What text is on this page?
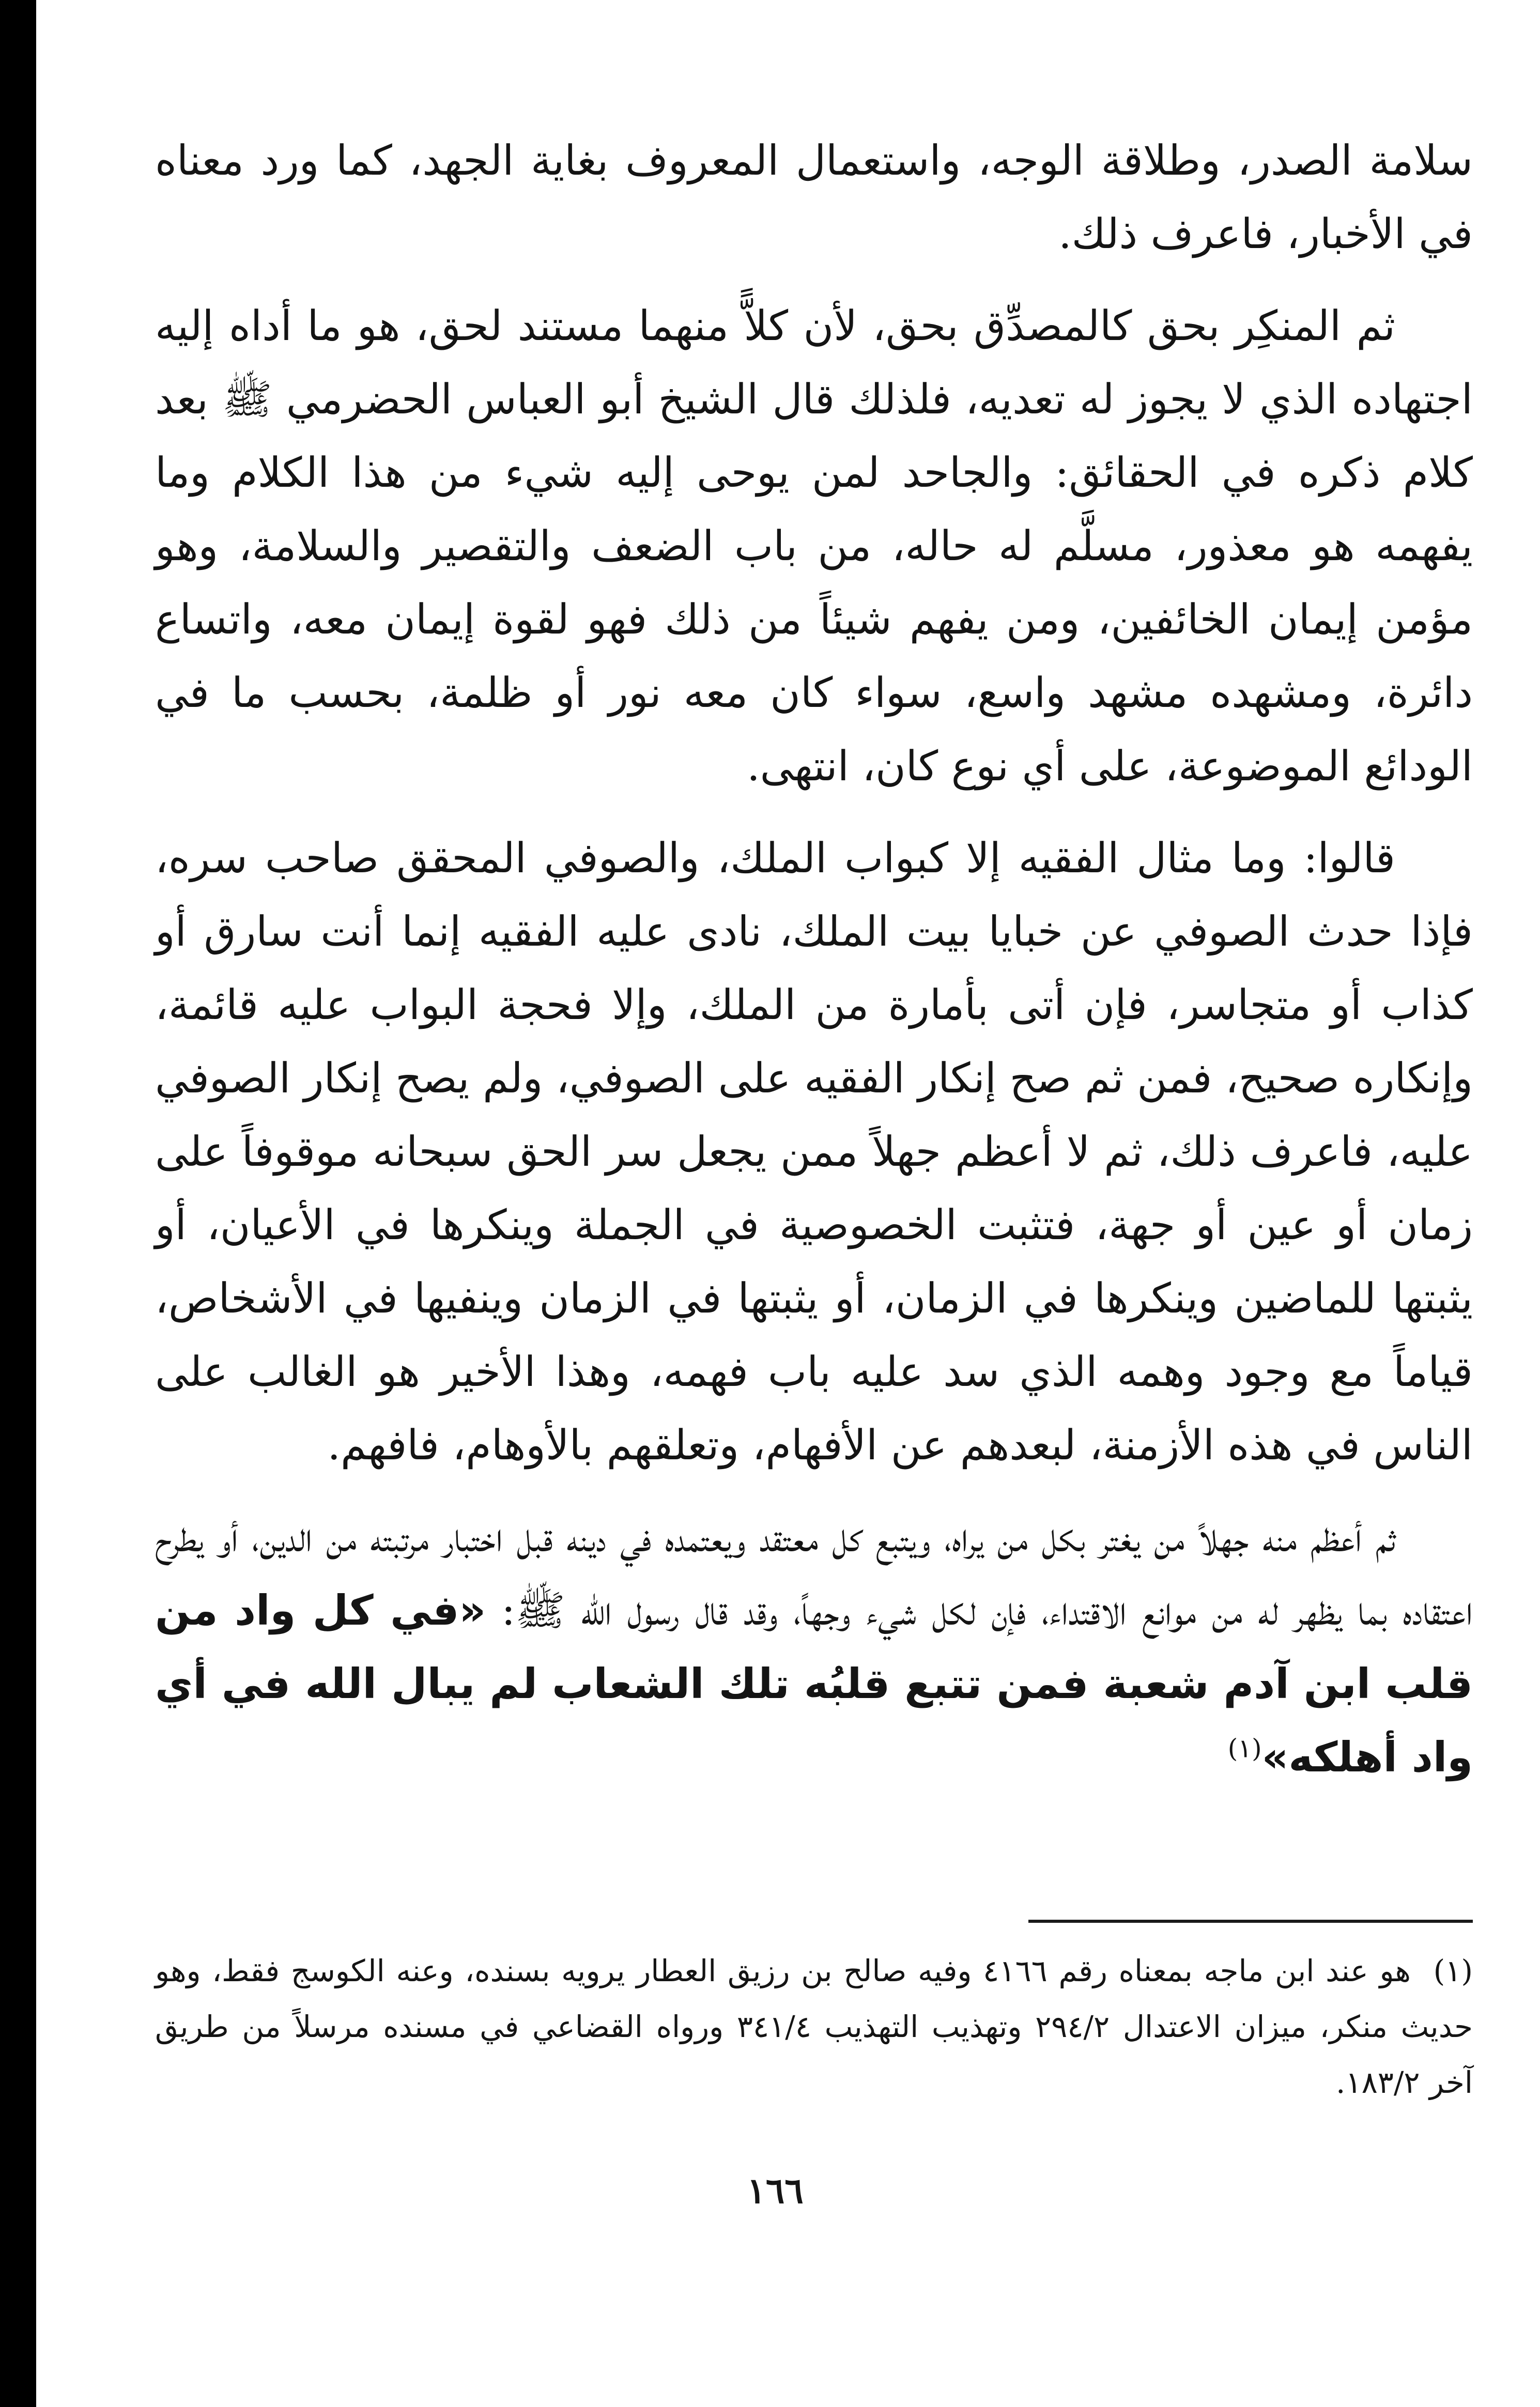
سلامة الصدر، وطلاقة الوجه، واستعمال المعروف بغاية الجهد، كما ورد معناه في الأخبار، فاعرف ذلك.

ثم المنكِر بحق كالمصدِّق بحق، لأن كلاًّ منهما مستند لحق، هو ما أداه إليه اجتهاده الذي لا يجوز له تعديه، فلذلك قال الشيخ أبو العباس الحضرمي ﷺ بعد كلام ذكره في الحقائق: والجاحد لمن يوحى إليه شيء من هذا الكلام وما يفهمه هو معذور، مسلَّم له حاله، من باب الضعف والتقصير والسلامة، وهو مؤمن إيمان الخائفين، ومن يفهم شيئاً من ذلك فهو لقوة إيمان معه، واتساع دائرة، ومشهده مشهد واسع، سواء كان معه نور أو ظلمة، بحسب ما في الودائع الموضوعة، على أي نوع كان، انتهى.

قالوا: وما مثال الفقيه إلا كبواب الملك، والصوفي المحقق صاحب سره، فإذا حدث الصوفي عن خبايا بيت الملك، نادى عليه الفقيه إنما أنت سارق أو كذاب أو متجاسر، فإن أتى بأمارة من الملك، وإلا فحجة البواب عليه قائمة، وإنكاره صحيح، فمن ثم صح إنكار الفقيه على الصوفي، ولم يصح إنكار الصوفي عليه، فاعرف ذلك، ثم لا أعظم جهلاً ممن يجعل سر الحق سبحانه موقوفاً على زمان أو عين أو جهة، فتثبت الخصوصية في الجملة وينكرها في الأعيان، أو يثبتها للماضين وينكرها في الزمان، أو يثبتها في الزمان وينفيها في الأشخاص، قياماً مع وجود وهمه الذي سد عليه باب فهمه، وهذا الأخير هو الغالب على الناس في هذه الأزمنة، لبعدهم عن الأفهام، وتعلقهم بالأوهام، فافهم.

ثم أعظم منه جهلاً من يغتر بكل من يراه، ويتبع كل معتقد ويعتمده في دينه قبل اختبار مرتبته من الدين، أو يطرح اعتقاده بما يظهر له من موانع الاقتداء، فإن لكل شيء وجهاً، وقد قال رسول الله ﷺ: «في كل واد من قلب ابن آدم شعبة فمن تتبع قلبُه تلك الشعاب لم يبال الله في أي واد أهلكه»$^{(١)}$

(١)هو عند ابن ماجه بمعناه رقم ٤١٦٦ وفيه صالح بن رزيق العطار يرويه بسنده، وعنه الكوسج فقط، وهو حديث منكر، ميزان الاعتدال ٢٩٤/٢ وتهذيب التهذيب ٣٤١/٤ ورواه القضاعي في مسنده مرسلاً من طريق آخر ١٨٣/٢.
١٦٦
